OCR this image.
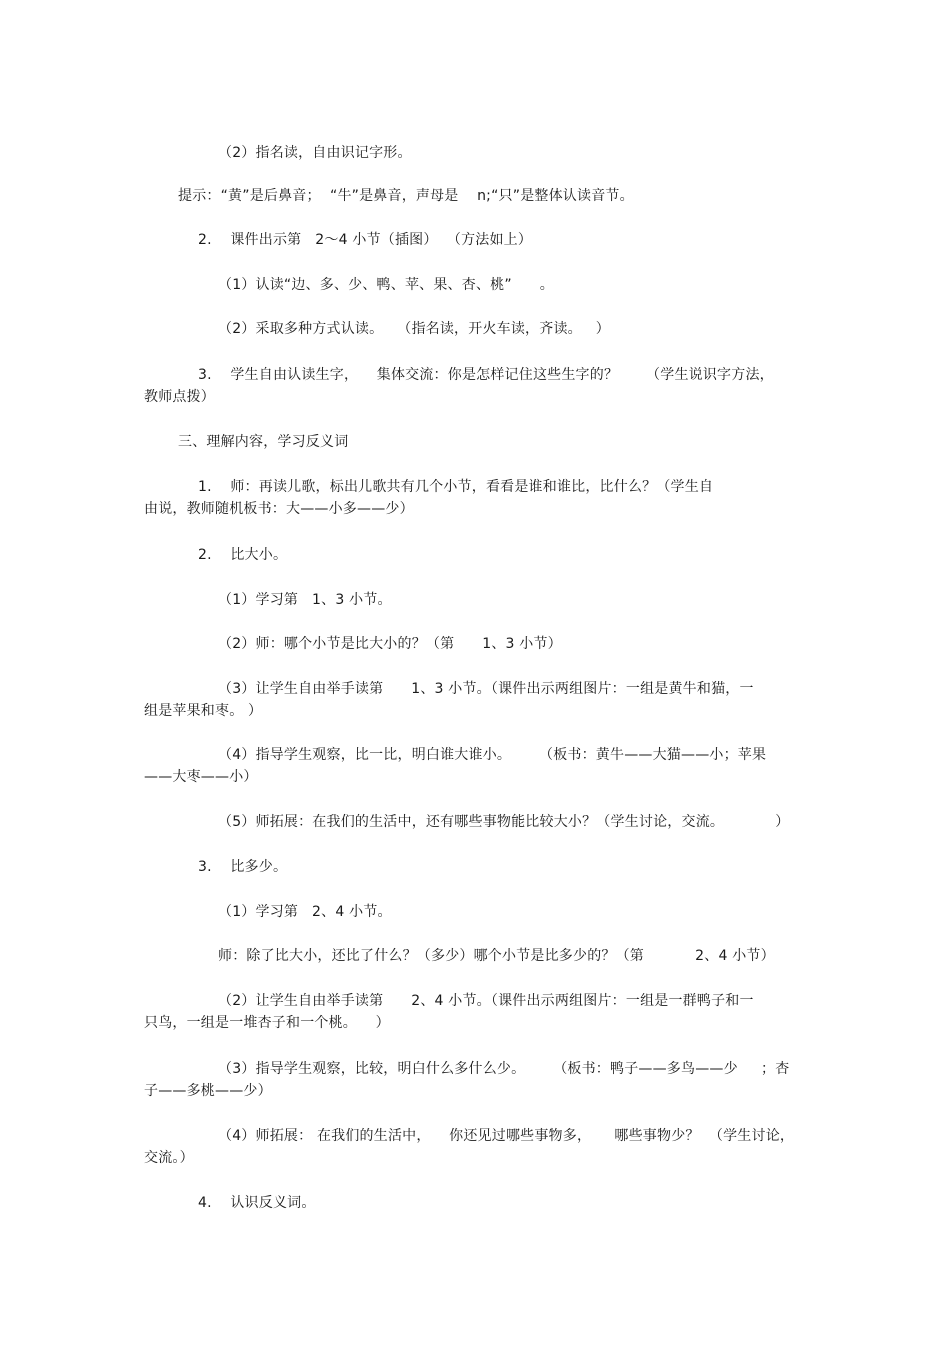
（2）指名读，自由识记字形。
提示：“黄”是后鼻音；  “牛”是鼻音，声母是    n;“只”是整体认读音节。
2.    课件出示第   2～4 小节（插图）  （方法如上）
（1）认读“边、多、少、鸭、苹、果、杏、桃”      。
（2）采取多种方式认读。   （指名读，开火车读，齐读。   ）
3.    学生自由认读生字，    集体交流：你是怎样记住这些生字的？      （学生说识字方法，
教师点拨）
三、理解内容，学习反义词
1.    师：再读儿歌，标出儿歌共有几个小节，看看是谁和谁比，比什么？（学生自
由说，教师随机板书：大——小多——少）
2.    比大小。
（1）学习第   1、3 小节。
（2）师：哪个小节是比大小的？（第      1、3 小节）
（3）让学生自由举手读第      1、3 小节。（课件出示两组图片：一组是黄牛和猫，一
组是苹果和枣。 ）
（4）指导学生观察，比一比，明白谁大谁小。      （板书：黄牛——大猫——小；苹果
——大枣——小）
（5）师拓展：在我们的生活中，还有哪些事物能比较大小？（学生讨论，交流。           ）
3.    比多少。
（1）学习第   2、4 小节。
师：除了比大小，还比了什么？（多少）哪个小节是比多少的？（第           2、4 小节）
（2）让学生自由举手读第      2、4 小节。（课件出示两组图片：一组是一群鸭子和一
只鸟，一组是一堆杏子和一个桃。    ）
（3）指导学生观察，比较，明白什么多什么少。      （板书：鸭子——多鸟——少     ；杏
子——多桃——少）
（4）师拓展： 在我们的生活中，    你还见过哪些事物多，     哪些事物少？  （学生讨论，
交流。）
4.    认识反义词。
